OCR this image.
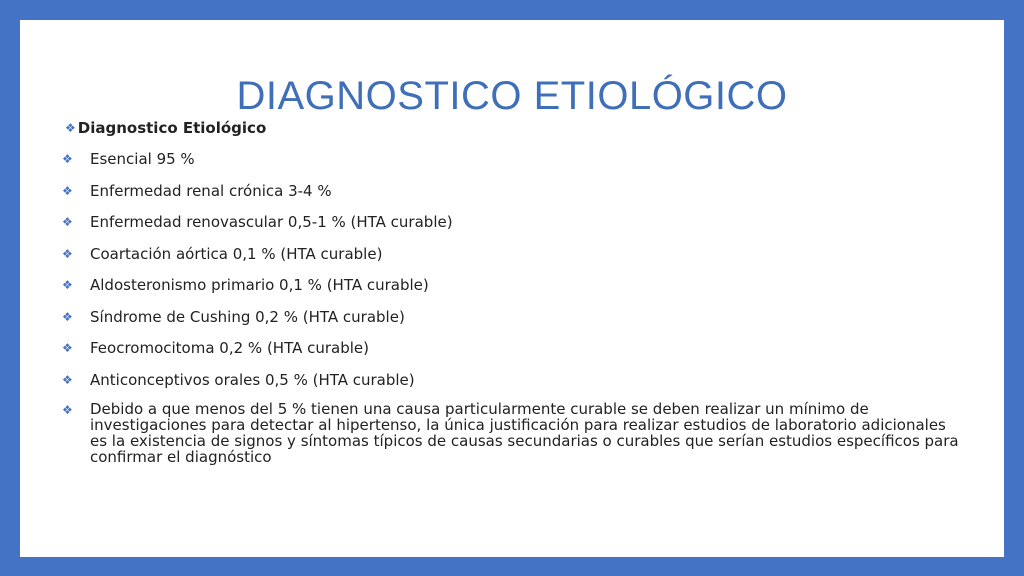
DIAGNOSTICO ETIOLÓGICO
❖ Diagnostico Etiológico
❖ Esencial 95 %
❖ Enfermedad renal crónica 3-4 %
❖ Enfermedad renovascular 0,5-1 % (HTA curable)
❖ Coartación aórtica 0,1 % (HTA curable)
❖ Aldosteronismo primario 0,1 % (HTA curable)
❖ Síndrome de Cushing 0,2 % (HTA curable)
❖ Feocromocitoma 0,2 % (HTA curable)
❖ Anticonceptivos orales 0,5 % (HTA curable)
❖ Debido a que menos del 5 % tienen una causa particularmente curable se deben realizar un mínimo de investigaciones para detectar al hipertenso, la única justificación para realizar estudios de laboratorio adicionales es la existencia de signos y síntomas típicos de causas secundarias o curables que serían estudios específicos para confirmar el diagnóstico
